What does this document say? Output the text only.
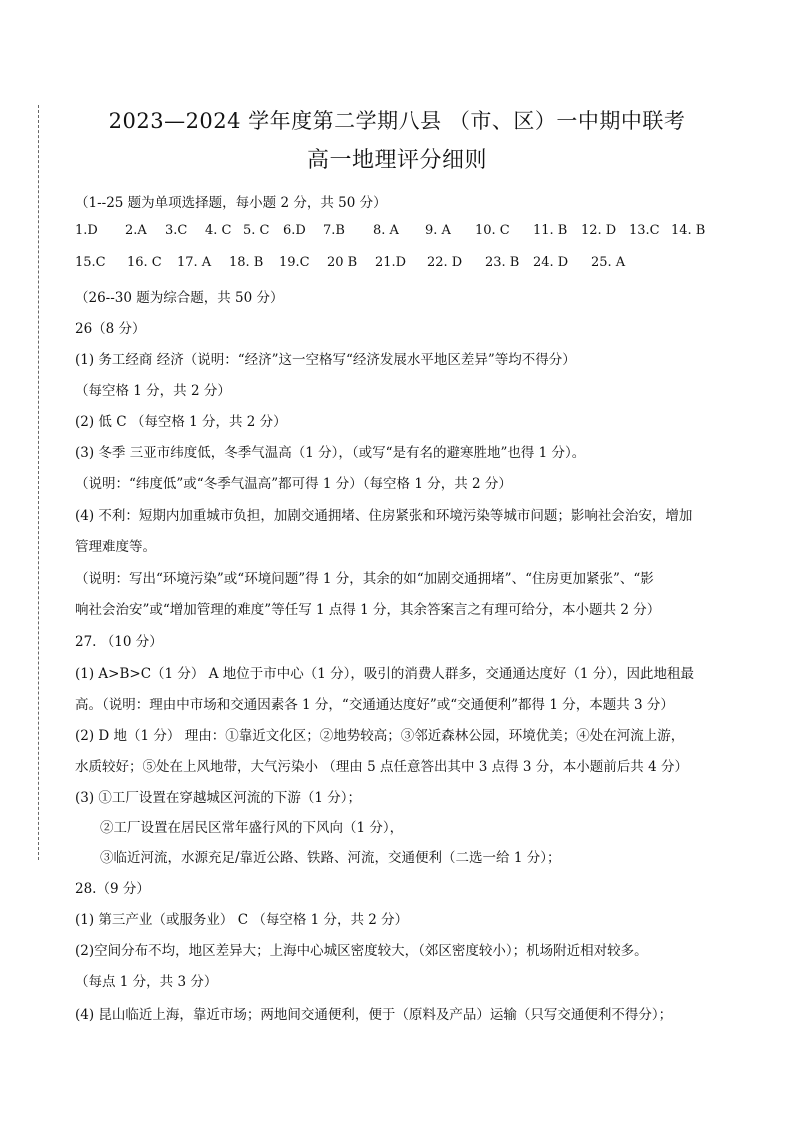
2023—2024 学年度第二学期八县 （市、区）一中期中联考
高一地理评分细则
（1--25 题为单项选择题，每小题 2 分，共 50 分）
1.D 2.A 3.C 4. C 5. C 6.D 7.B 8. A 9. A 10. C 11. B 12. D 13.C 14. B
15.C 16. C 17. A 18. B 19.C 20 B 21.D 22. D 23. B 24. D 25. A
（26--30 题为综合题，共 50 分）
26（8 分）
(1) 务工经商 经济（说明：“经济”这一空格写“经济发展水平地区差异”等均不得分）
（每空格 1 分，共 2 分）
(2) 低 C （每空格 1 分，共 2 分）
(3) 冬季 三亚市纬度低，冬季气温高（1 分），（或写“是有名的避寒胜地”也得 1 分）。
（说明：“纬度低”或“冬季气温高”都可得 1 分）（每空格 1 分，共 2 分）
(4) 不利：短期内加重城市负担，加剧交通拥堵、住房紧张和环境污染等城市问题；影响社会治安，增加
管理难度等。
（说明：写出“环境污染”或“环境问题”得 1 分，其余的如“加剧交通拥堵”、“住房更加紧张”、“影
响社会治安”或“增加管理的难度”等任写 1 点得 1 分，其余答案言之有理可给分，本小题共 2 分）
27. （10 分）
(1) A>B>C（1 分） A 地位于市中心（1 分），吸引的消费人群多，交通通达度好（1 分），因此地租最
高。（说明：理由中市场和交通因素各 1 分，“交通通达度好”或“交通便利”都得 1 分，本题共 3 分）
(2) D 地（1 分） 理由：①靠近文化区；②地势较高；③邻近森林公园，环境优美；④处在河流上游，
水质较好；⑤处在上风地带，大气污染小 （理由 5 点任意答出其中 3 点得 3 分，本小题前后共 4 分）
(3) ①工厂设置在穿越城区河流的下游（1 分）；
②工厂设置在居民区常年盛行风的下风向（1 分），
③临近河流，水源充足/靠近公路、铁路、河流，交通便利（二选一给 1 分）；
28.（9 分）
(1) 第三产业（或服务业） C （每空格 1 分，共 2 分）
(2)空间分布不均，地区差异大；上海中心城区密度较大，（郊区密度较小）；机场附近相对较多。
（每点 1 分，共 3 分）
(4) 昆山临近上海，靠近市场；两地间交通便利，便于（原料及产品）运输（只写交通便利不得分）；
